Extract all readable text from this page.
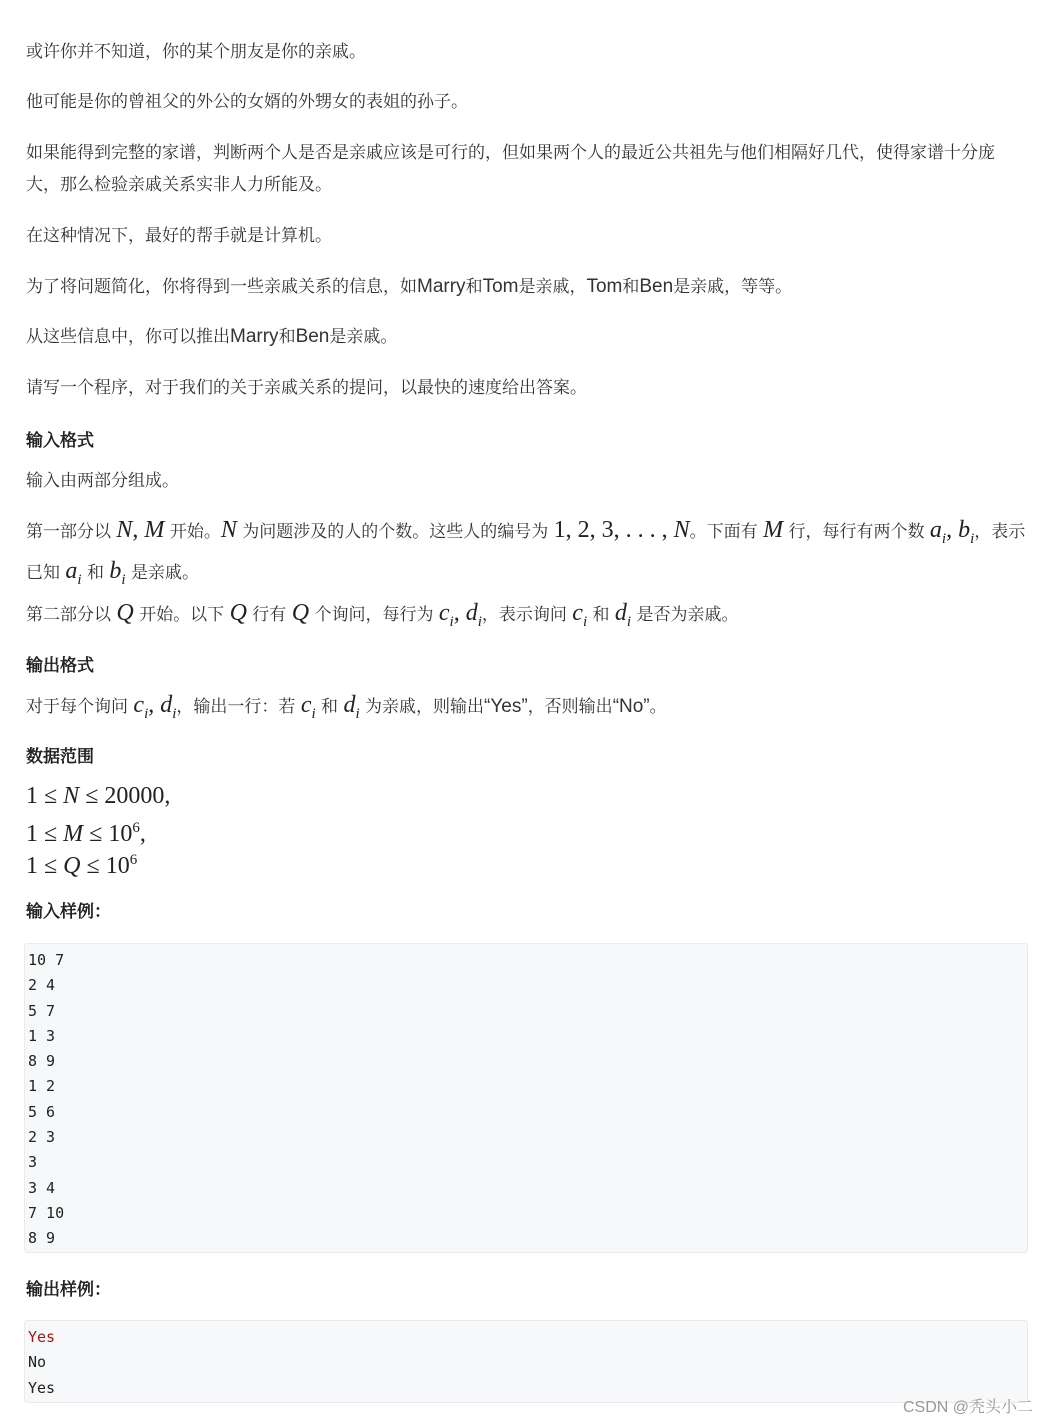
或许你并不知道，你的某个朋友是你的亲戚。
他可能是你的曾祖父的外公的女婿的外甥女的表姐的孙子。
如果能得到完整的家谱，判断两个人是否是亲戚应该是可行的，但如果两个人的最近公共祖先与他们相隔好几代，使得家谱十分庞大，那么检验亲戚关系实非人力所能及。
在这种情况下，最好的帮手就是计算机。
为了将问题简化，你将得到一些亲戚关系的信息，如Marry和Tom是亲戚，Tom和Ben是亲戚，等等。
从这些信息中，你可以推出Marry和Ben是亲戚。
请写一个程序，对于我们的关于亲戚关系的提问，以最快的速度给出答案。
输入格式
输入由两部分组成。
第一部分以 N, M 开始。N 为问题涉及的人的个数。这些人的编号为 1, 2, 3, . . . , N。下面有 M 行，每行有两个数 $a_i$, $b_i$，表示已知 $a_i$ 和 $b_i$ 是亲戚。
第二部分以 Q 开始。以下 Q 行有 Q 个询问，每行为 $c_i$, $d_i$，表示询问 $c_i$ 和 $d_i$ 是否为亲戚。
输出格式
对于每个询问 $c_i$, $d_i$，输出一行：若 $c_i$ 和 $d_i$ 为亲戚，则输出“Yes”，否则输出“No”。
数据范围
1 ≤ N ≤ 20000,
$1 \le M \le 10^6$,
$1 \le Q \le 10^6$
输入样例：
10 7
2 4
5 7
1 3
8 9
1 2
5 6
2 3
3
3 4
7 10
8 9
输出样例：
Yes
No
Yes
CSDN @秃头小二
